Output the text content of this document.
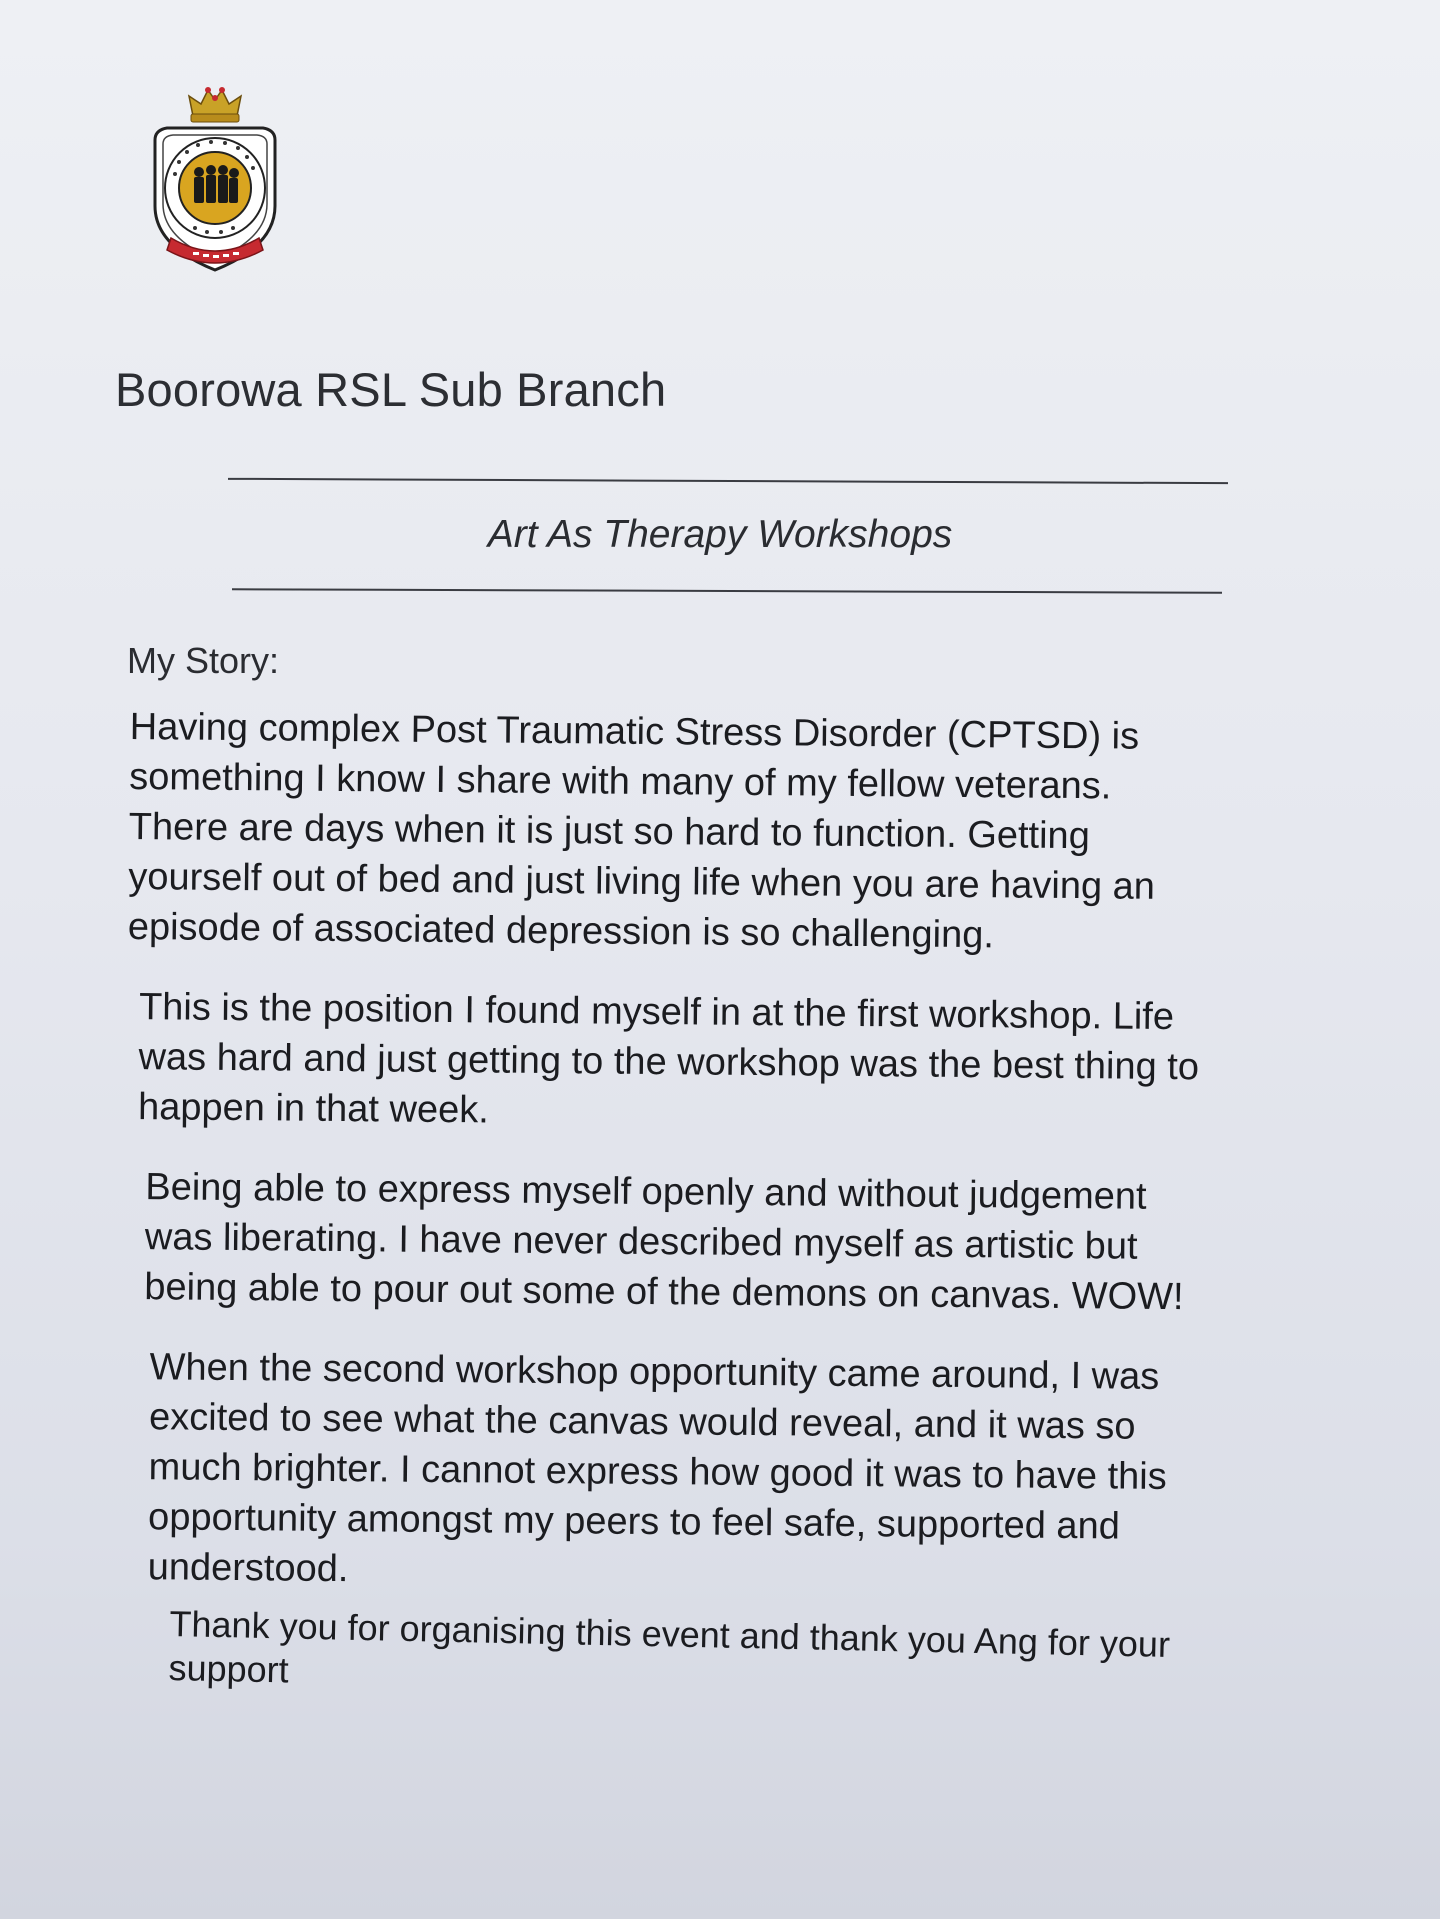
Boorowa RSL Sub Branch
Art As Therapy Workshops
My Story:

Having complex Post Traumatic Stress Disorder (CPTSD) is
something I know I share with many of my fellow veterans.
There are days when it is just so hard to function. Getting
yourself out of bed and just living life when you are having an
episode of associated depression is so challenging.

This is the position I found myself in at the first workshop. Life
was hard and just getting to the workshop was the best thing to
happen in that week.

Being able to express myself openly and without judgement
was liberating. I have never described myself as artistic but
being able to pour out some of the demons on canvas. WOW!

When the second workshop opportunity came around, I was
excited to see what the canvas would reveal, and it was so
much brighter. I cannot express how good it was to have this
opportunity amongst my peers to feel safe, supported and
understood.

Thank you for organising this event and thank you Ang for your
support
